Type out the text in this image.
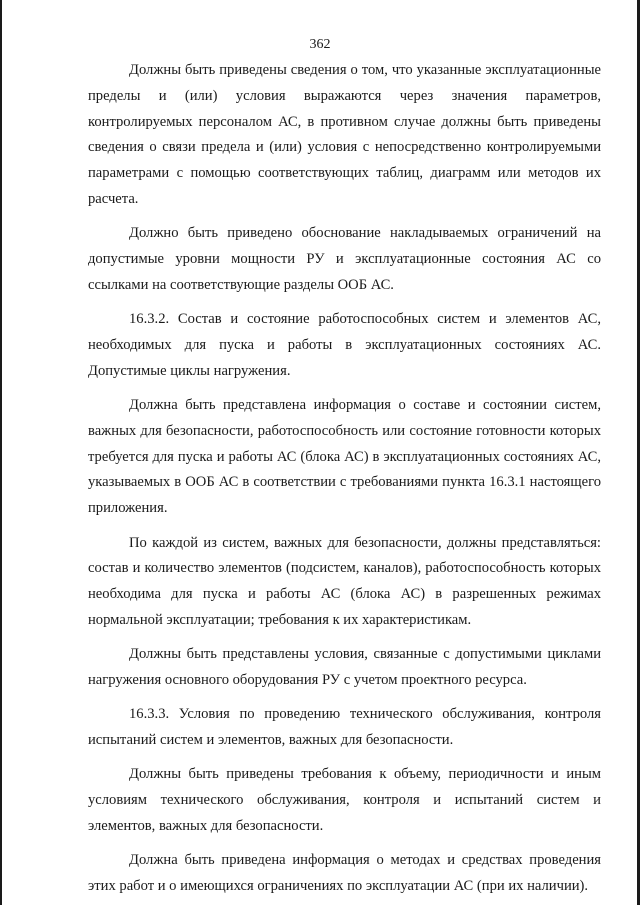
362

Должны быть приведены сведения о том, что указанные эксплуатационные пределы и (или) условия выражаются через значения параметров, контролируемых персоналом АС, в противном случае должны быть приведены сведения о связи предела и (или) условия с непосредственно контролируемыми параметрами с помощью соответствующих таблиц, диаграмм или методов их расчета.

Должно быть приведено обоснование накладываемых ограничений на допустимые уровни мощности РУ и эксплуатационные состояния АС со ссылками на соответствующие разделы ООБ АС.

16.3.2. Состав и состояние работоспособных систем и элементов АС, необходимых для пуска и работы в эксплуатационных состояниях АС. Допустимые циклы нагружения.

Должна быть представлена информация о составе и состоянии систем, важных для безопасности, работоспособность или состояние готовности которых требуется для пуска и работы АС (блока АС) в эксплуатационных состояниях АС, указываемых в ООБ АС в соответствии с требованиями пункта 16.3.1 настоящего приложения.

По каждой из систем, важных для безопасности, должны представляться: состав и количество элементов (подсистем, каналов), работоспособность которых необходима для пуска и работы АС (блока АС) в разрешенных режимах нормальной эксплуатации; требования к их характеристикам.

Должны быть представлены условия, связанные с допустимыми циклами нагружения основного оборудования РУ с учетом проектного ресурса.

16.3.3. Условия по проведению технического обслуживания, контроля испытаний систем и элементов, важных для безопасности.

Должны быть приведены требования к объему, периодичности и иным условиям технического обслуживания, контроля и испытаний систем и элементов, важных для безопасности.

Должна быть приведена информация о методах и средствах проведения этих работ и о имеющихся ограничениях по эксплуатации АС (при их наличии).
